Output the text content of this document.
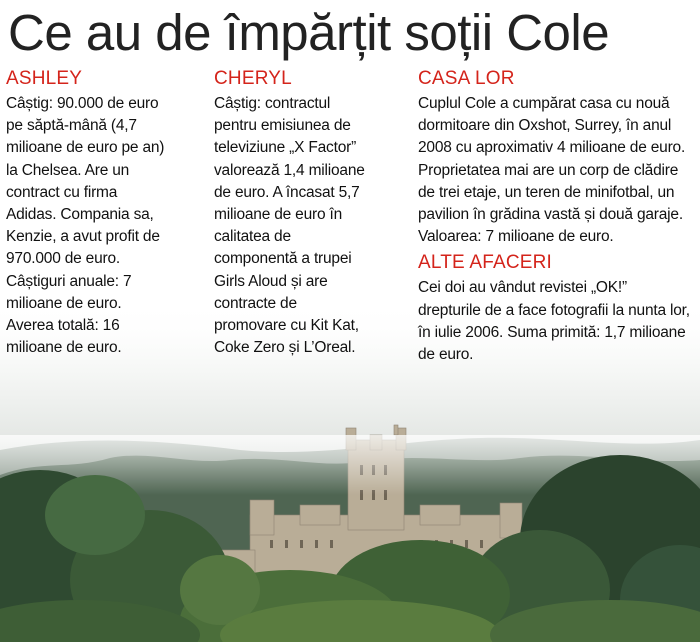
Ce au de împărțit soții Cole
ASHLEY

Câștig: 90.000 de euro pe săptă-mână (4,7 milioane de euro pe an) la Chelsea. Are un contract cu firma Adidas. Compania sa, Kenzie, a avut profit de 970.000 de euro. Câștiguri anuale: 7 milioane de euro. Averea totală: 16 milioane de euro.

CHERYL

Câștig: contractul pentru emisiunea de televiziune „X Factor” valorează 1,4 milioane de euro. A încasat 5,7 milioane de euro în calitatea de componentă a trupei Girls Aloud și are contracte de promovare cu Kit Kat, Coke Zero și L’Oreal.

CASA LOR

Cuplul Cole a cumpărat casa cu nouă dormitoare din Oxshot, Surrey, în anul 2008 cu aproximativ 4 milioane de euro. Proprietatea mai are un corp de clădire de trei etaje, un teren de minifotbal, un pavilion în grădina vastă și două garaje. Valoarea: 7 milioane de euro.

ALTE AFACERI

Cei doi au vândut revistei „OK!” drepturile de a face fotografii la nunta lor, în iulie 2006. Suma primită: 1,7 milioane de euro.
